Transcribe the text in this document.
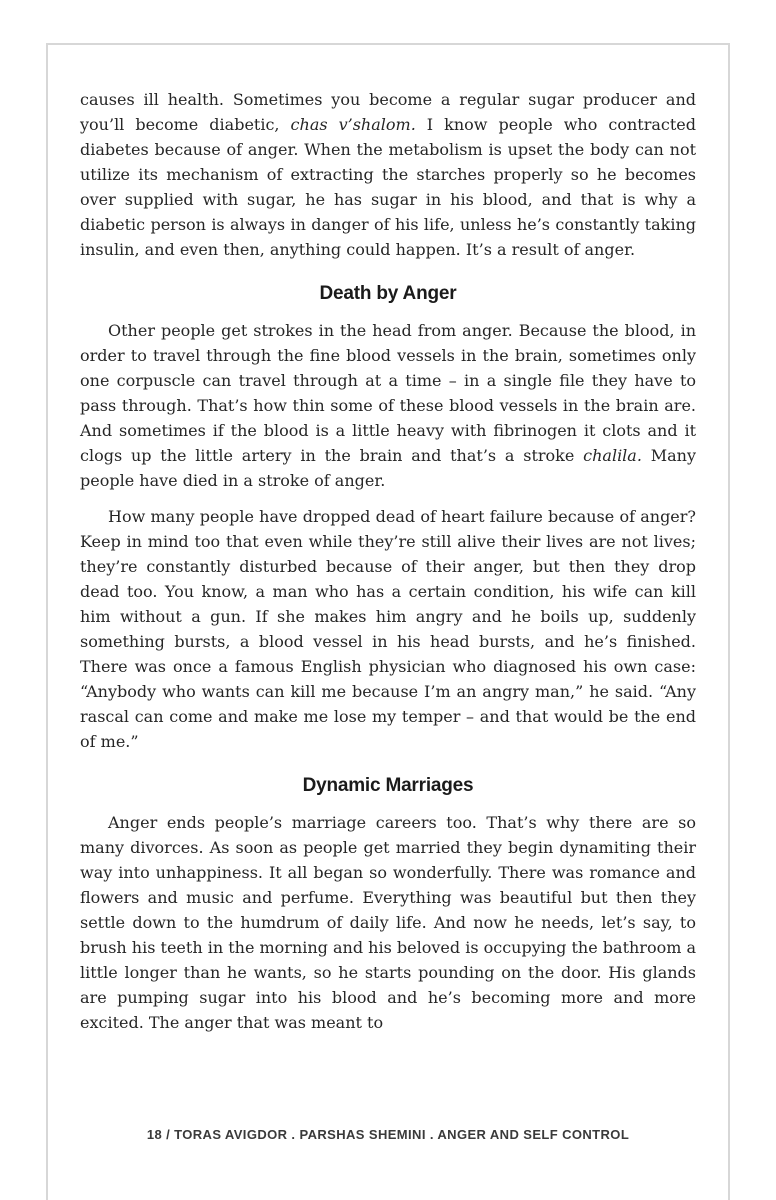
causes ill health. Sometimes you become a regular sugar producer and you’ll become diabetic, chas v’shalom. I know people who contracted diabetes because of anger. When the metabolism is upset the body can not utilize its mechanism of extracting the starches properly so he becomes over supplied with sugar, he has sugar in his blood, and that is why a diabetic person is always in danger of his life, unless he’s constantly taking insulin, and even then, anything could happen. It’s a result of anger.

Death by Anger

Other people get strokes in the head from anger. Because the blood, in order to travel through the fine blood vessels in the brain, sometimes only one corpuscle can travel through at a time – in a single file they have to pass through. That’s how thin some of these blood vessels in the brain are. And sometimes if the blood is a little heavy with fibrinogen it clots and it clogs up the little artery in the brain and that’s a stroke chalila. Many people have died in a stroke of anger.

How many people have dropped dead of heart failure because of anger? Keep in mind too that even while they’re still alive their lives are not lives; they’re constantly disturbed because of their anger, but then they drop dead too. You know, a man who has a certain condition, his wife can kill him without a gun. If she makes him angry and he boils up, suddenly something bursts, a blood vessel in his head bursts, and he’s finished. There was once a famous English physician who diagnosed his own case: “Anybody who wants can kill me because I’m an angry man,” he said. “Any rascal can come and make me lose my temper – and that would be the end of me.”

Dynamic Marriages

Anger ends people’s marriage careers too. That’s why there are so many divorces. As soon as people get married they begin dynamiting their way into unhappiness. It all began so wonderfully. There was romance and flowers and music and perfume. Everything was beautiful but then they settle down to the humdrum of daily life. And now he needs, let’s say, to brush his teeth in the morning and his beloved is occupying the bathroom a little longer than he wants, so he starts pounding on the door. His glands are pumping sugar into his blood and he’s becoming more and more excited. The anger that was meant to

18 / TORAS AVIGDOR . PARSHAS SHEMINI . ANGER AND SELF CONTROL
